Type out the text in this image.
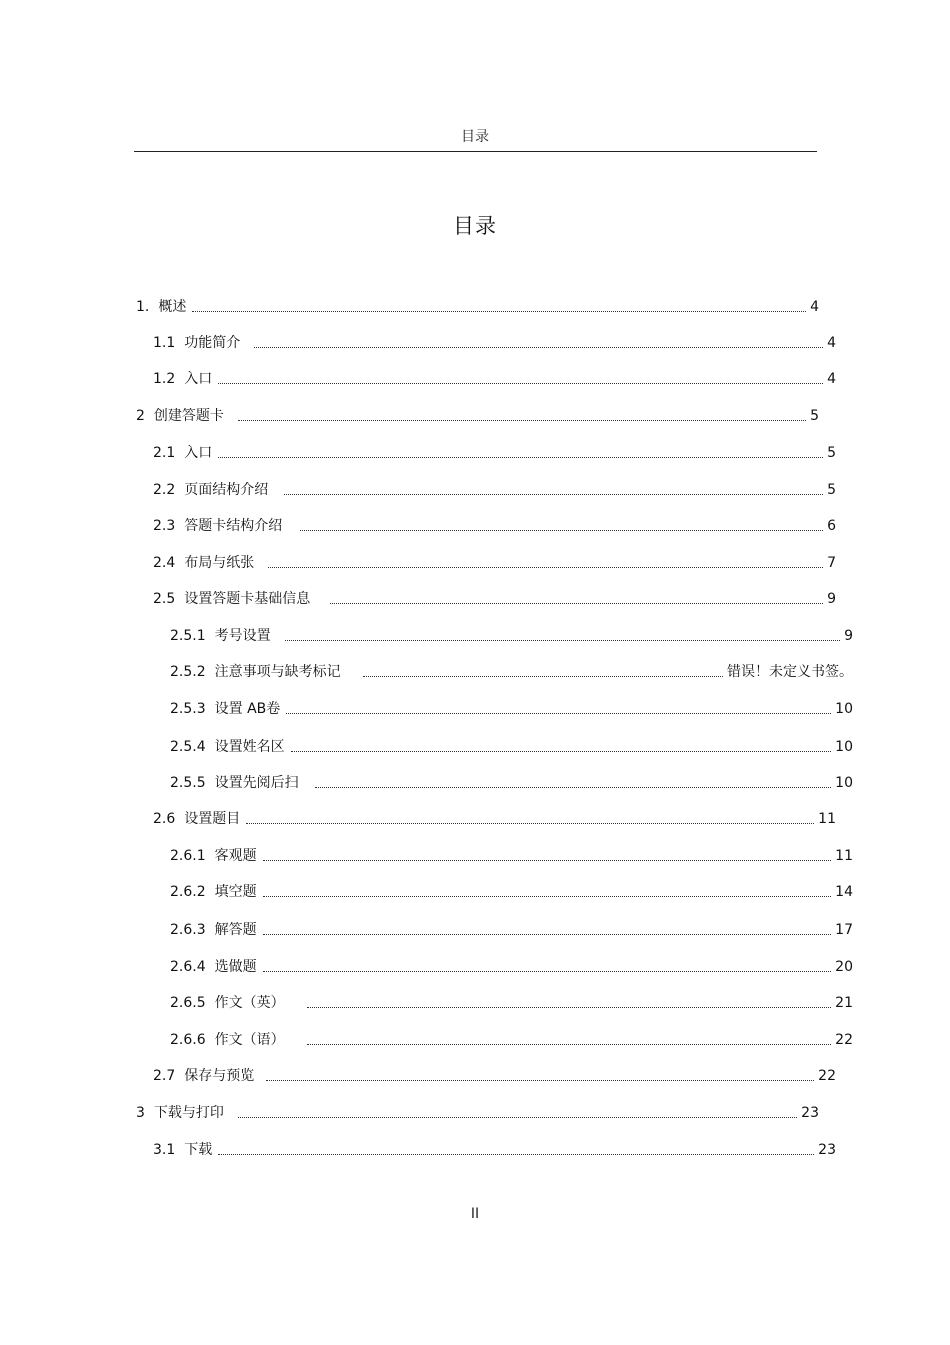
目录
目录
1. 概述	4
1.1 功能简介	4
1.2 入口	4
2 创建答题卡	5
2.1 入口	5
2.2 页面结构介绍	5
2.3 答题卡结构介绍	6
2.4 布局与纸张	7
2.5 设置答题卡基础信息	9
2.5.1 考号设置	9
2.5.2 注意事项与缺考标记	错误！未定义书签。
2.5.3 设置 AB卷	10
2.5.4 设置姓名区	10
2.5.5 设置先阅后扫	10
2.6 设置题目	11
2.6.1 客观题	11
2.6.2 填空题	14
2.6.3 解答题	17
2.6.4 选做题	20
2.6.5 作文（英）	21
2.6.6 作文（语）	22
2.7 保存与预览	22
3 下载与打印	23
3.1 下载	23
II
